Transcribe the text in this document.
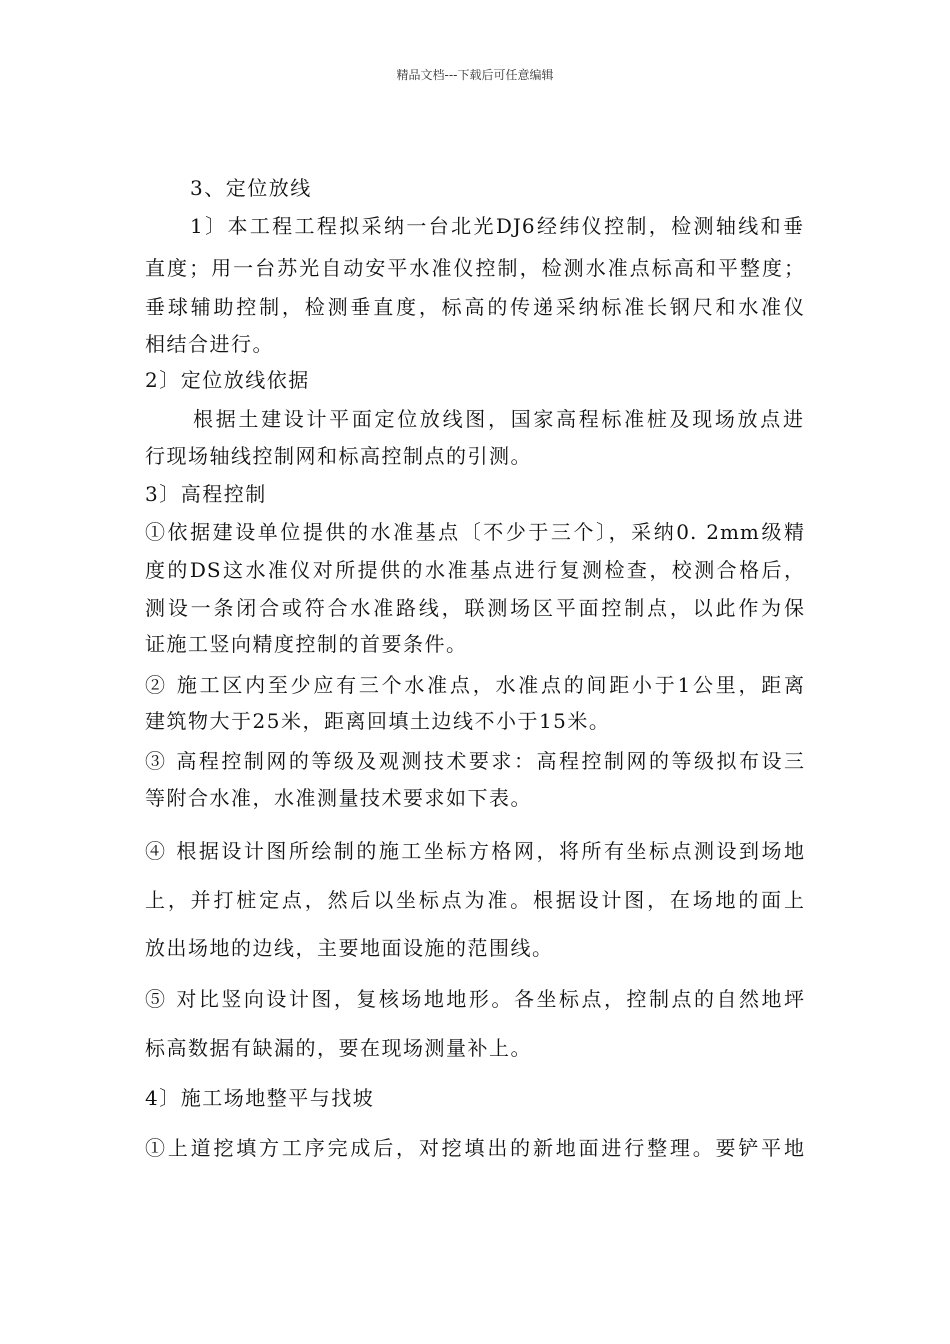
精品文档---下载后可任意编辑
3、定位放线
1〕本工程工程拟采纳一台北光DJ6经纬仪控制，检测轴线和垂
直度；用一台苏光自动安平水准仪控制，检测水准点标高和平整度；
垂球辅助控制，检测垂直度，标高的传递采纳标准长钢尺和水准仪
相结合进行。
2〕定位放线依据
根据土建设计平面定位放线图，国家高程标准桩及现场放点进
行现场轴线控制网和标高控制点的引测。
3〕高程控制
①依据建设单位提供的水准基点〔不少于三个〕，采纳0. 2mm级精
度的DS这水准仪对所提供的水准基点进行复测检查，校测合格后，
测设一条闭合或符合水准路线，联测场区平面控制点，以此作为保
证施工竖向精度控制的首要条件。
② 施工区内至少应有三个水准点，水准点的间距小于1公里，距离
建筑物大于25米，距离回填土边线不小于15米。
③ 高程控制网的等级及观测技术要求：高程控制网的等级拟布设三
等附合水准，水准测量技术要求如下表。
④ 根据设计图所绘制的施工坐标方格网，将所有坐标点测设到场地
上，并打桩定点，然后以坐标点为准。根据设计图，在场地的面上
放出场地的边线，主要地面设施的范围线。
⑤ 对比竖向设计图，复核场地地形。各坐标点，控制点的自然地坪
标高数据有缺漏的，要在现场测量补上。
4〕施工场地整平与找坡
①上道挖填方工序完成后，对挖填出的新地面进行整理。要铲平地
